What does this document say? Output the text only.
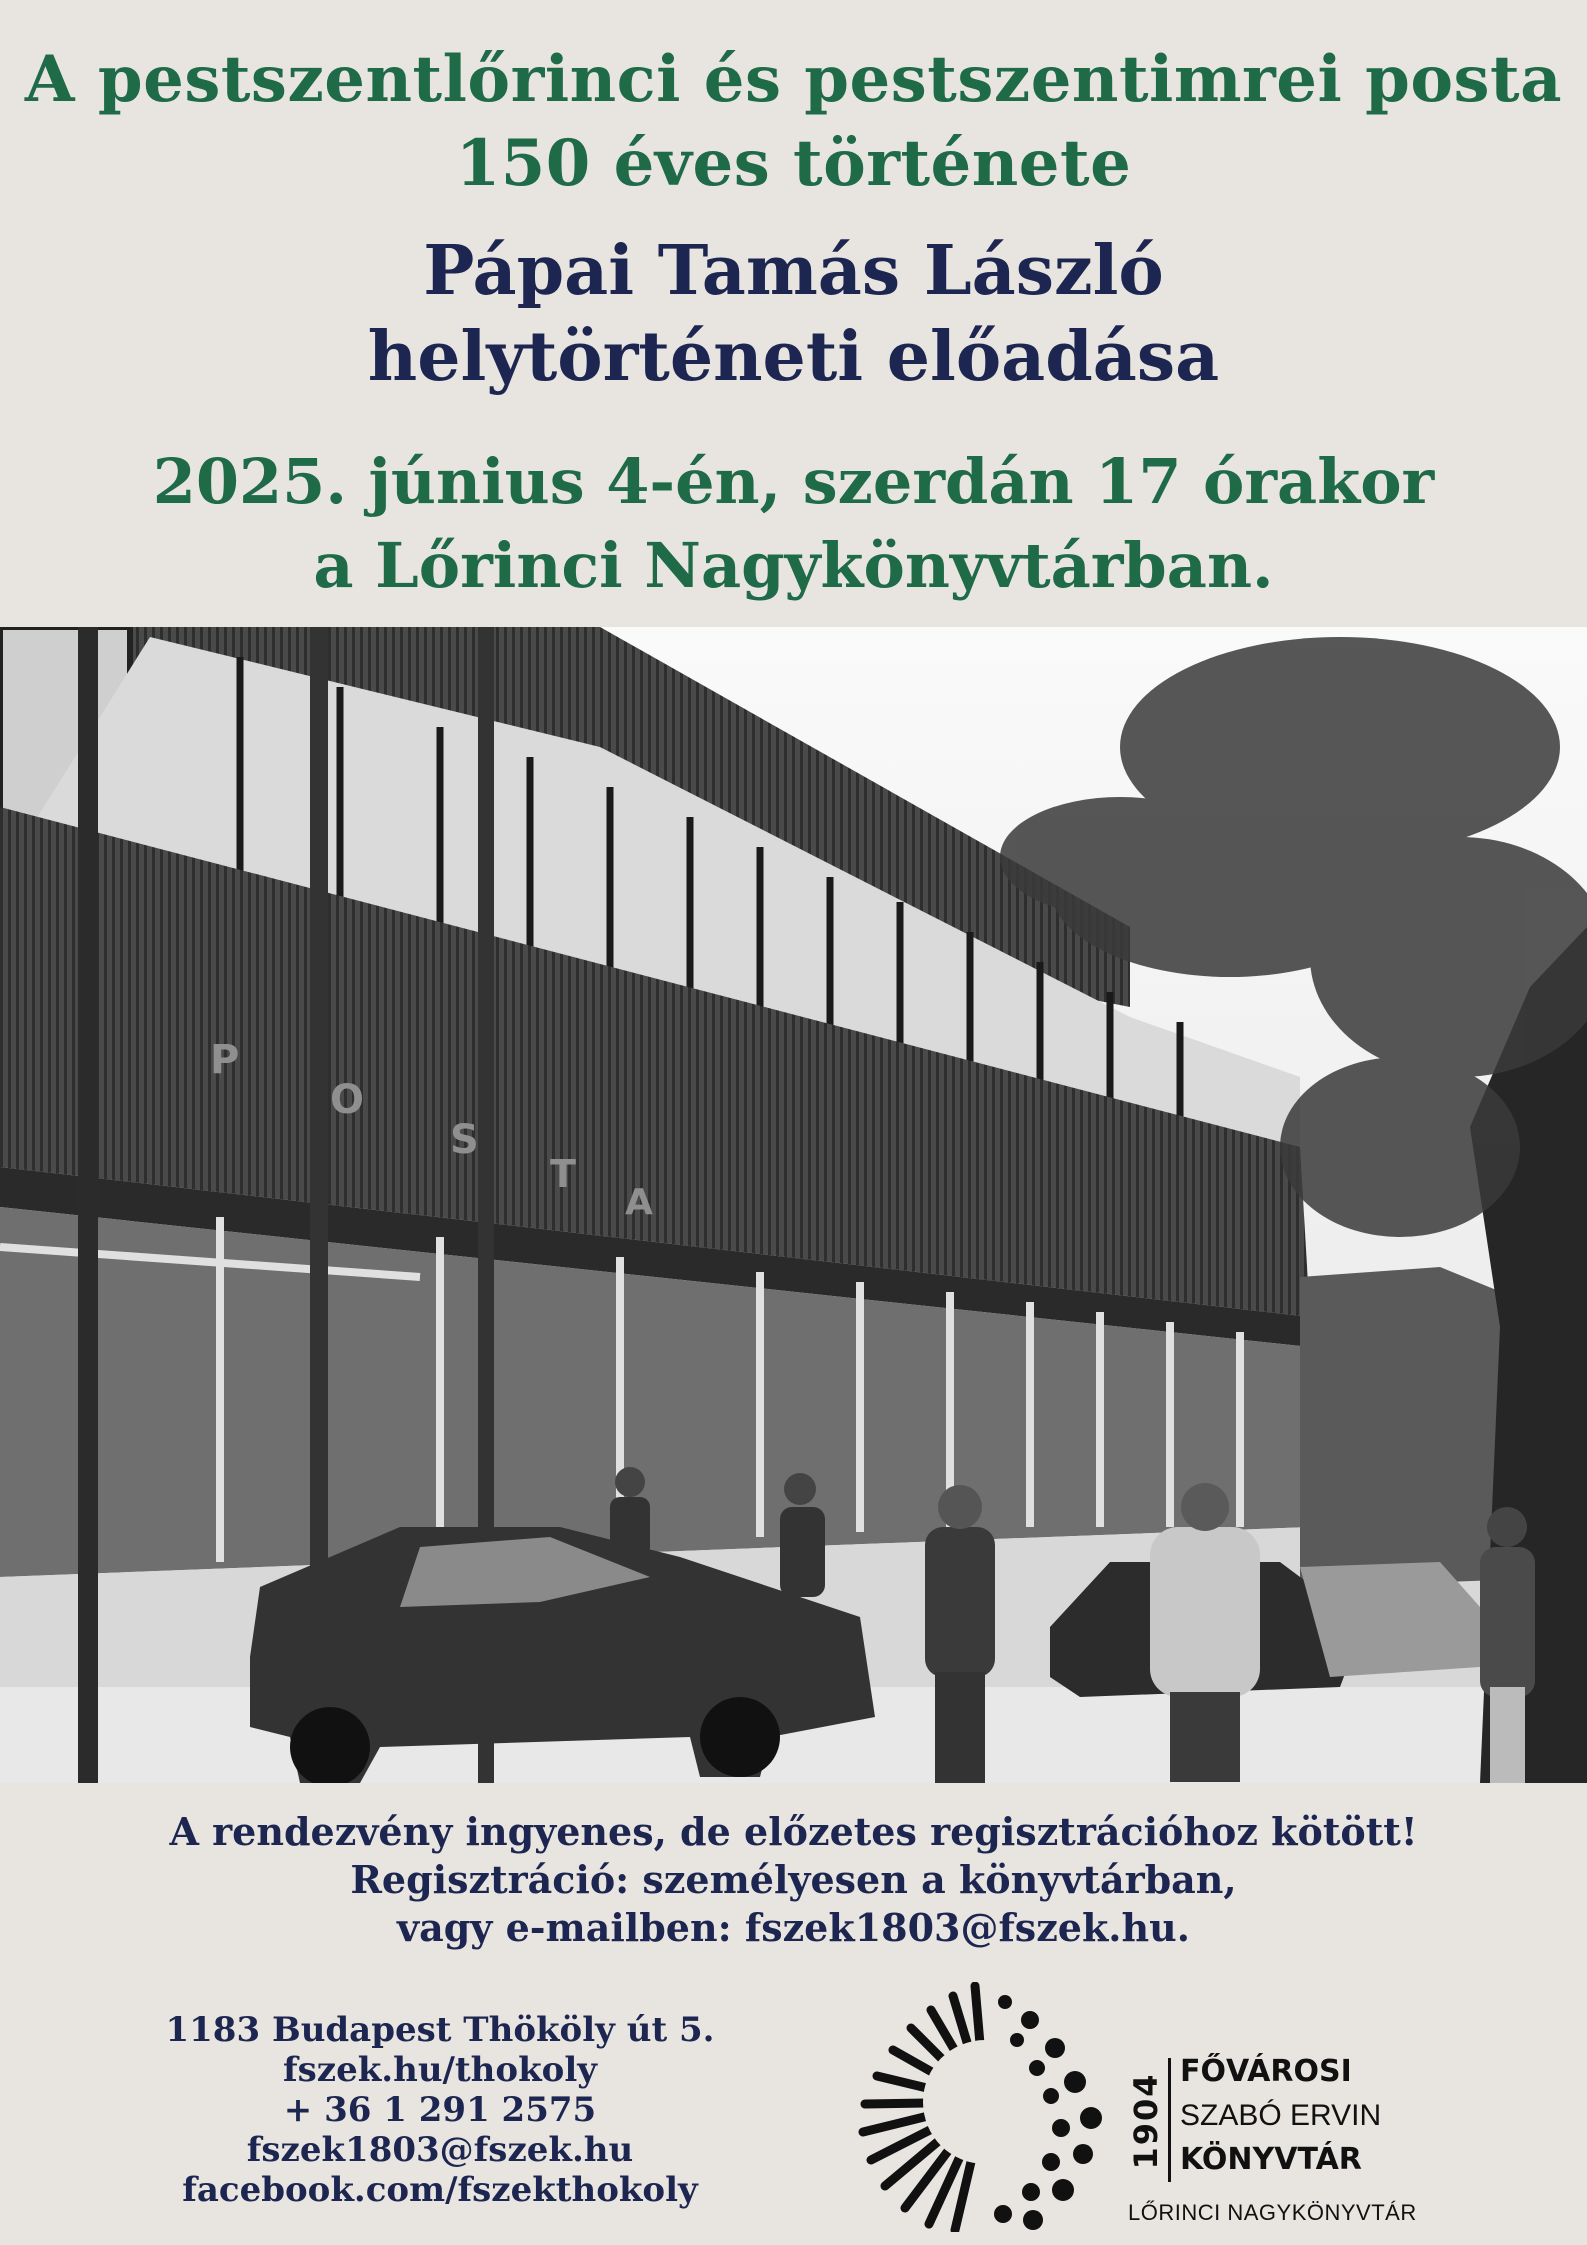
A pestszentlőrinci és pestszentimrei posta
150 éves története
Pápai Tamás László
helytörténeti előadása
2025. június 4-én, szerdán 17 órakor
a Lőrinci Nagykönyvtárban.
P
O
S
T
A
A rendezvény ingyenes, de előzetes regisztrációhoz kötött!
Regisztráció: személyesen a könyvtárban,
vagy e-mailben: fszek1803@fszek.hu.
1183 Budapest Thököly út 5.
fszek.hu/thokoly
+ 36 1 291 2575
fszek1803@fszek.hu
facebook.com/fszekthokoly
1904
FŐVÁROSI
SZABÓ ERVIN
KÖNYVTÁR
LŐRINCI NAGYKÖNYVTÁR
